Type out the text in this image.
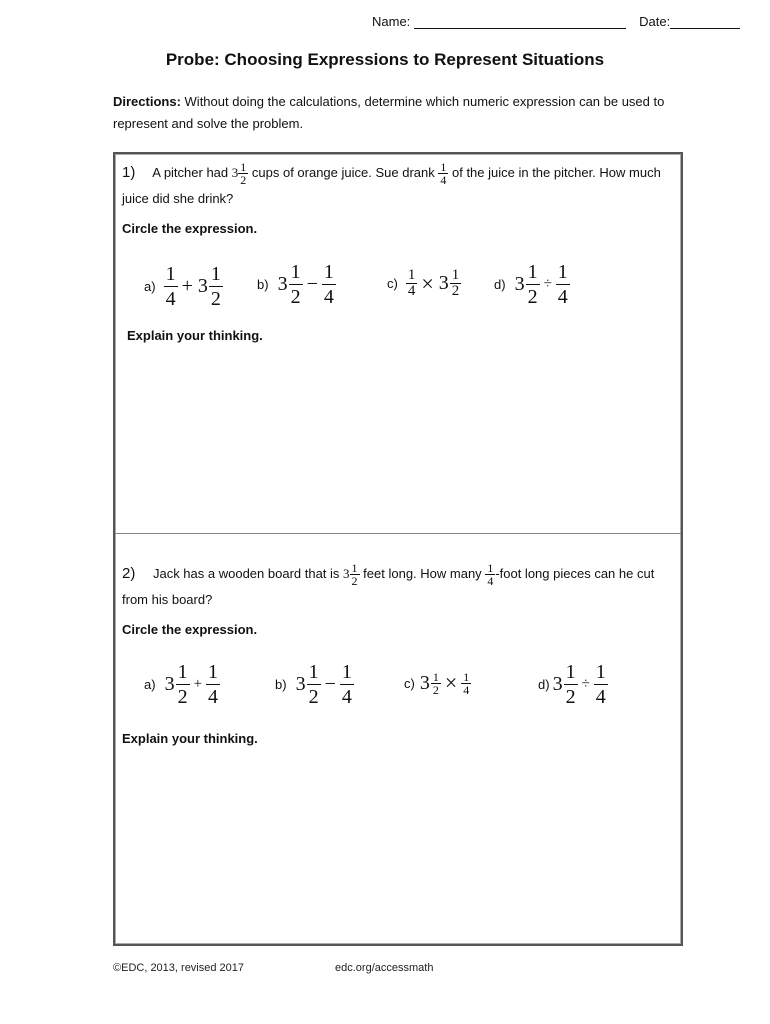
Name:	Date:
Probe: Choosing Expressions to Represent Situations
Directions: Without doing the calculations, determine which numeric expression can be used to represent and solve the problem.
1) A pitcher had $3 \frac{1}{2}$ cups of orange juice. Sue drank $\frac{1}{4}$ of the juice in the pitcher. How much juice did she drink?
Circle the expression.
$a) \frac{1}{4} + 3 \frac{1}{2}$	b) $3 \frac{1}{2} - \frac{1}{4}$	$c) \frac{1}{4} \times 3 \frac{1}{2}$	d) $3 \frac{1}{2} \div \frac{1}{4}$
Explain your thinking.
2) Jack has a wooden board that is $3 \frac{1}{2}$ feet long. How many $\frac{1}{4}$ -foot long pieces can he cut from his board?
Circle the expression.
a) $3 \frac{1}{2} + \frac{1}{4}$	b) $3 \frac{1}{2} - \frac{1}{4}$	c) $3 \frac{1}{2} \times \frac{1}{4}$	d) $3 \frac{1}{2} \div \frac{1}{4}$
Explain your thinking.
©EDC, 2013, revised 2017	edc.org/accessmath
